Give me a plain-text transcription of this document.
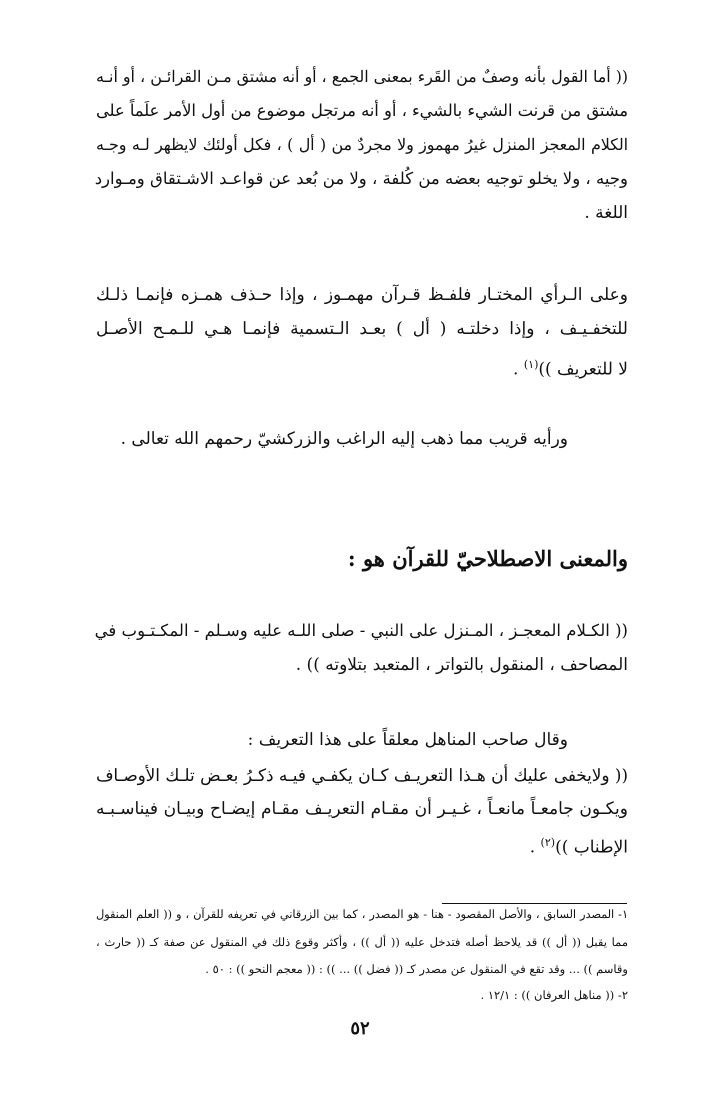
(( أما القول بأنه وصفٌ من القَرء بمعنى الجمع ، أو أنه مشتق مـن القرائـن ، أو أنـه
مشتق من قرنت الشيء بالشيء ، أو أنه مرتجل موضوع من أول الأمر علَماً على
الكلام المعجز المنزل غيرُ مهموز ولا مجردٌ من ( أل ) ، فكل أولئك لايظهر لـه وجـه
وجيه ، ولا يخلو توجيه بعضه من كُلفة ، ولا من بُعد عن قواعـد الاشـتقاق ومـوارد
اللغة .
وعلى الـرأي المختـار فلفـظ قـرآن مهمـوز ، وإذا حـذف همـزه فإنمـا ذلـك
للتخفـيـف ، وإذا دخلتـه ( أل ) بعـد الـتسمية فإنمـا هـي للـمـح الأصـل
لا للتعريف ))$^{(١)}$ .
ورأيه قريب مما ذهب إليه الراغب والزركشيّ رحمهم الله تعالى .
والمعنى الاصطلاحيّ للقرآن هو :
(( الكـلام المعجـز ، المـنزل على النبي - صلى اللـه عليه وسـلم - المكـتـوب في
المصاحف ، المنقول بالتواتر ، المتعبد بتلاوته )) .
وقال صاحب المناهل معلقاً على هذا التعريف :
(( ولايخفى عليك أن هـذا التعريـف كـان يكفـي فيـه ذكـرُ بعـض تلـك الأوصـاف
ويكـون جامعـاً مانعـاً ، غـيـر أن مقـام التعريـف مقـام إيضـاح وبيـان فيناسـبـه
الإطناب ))$^{(٢)}$ .
١- المصدر السابق ، والأصل المقصود - هنا - هو المصدر ، كما بين الزرقاني في تعريفه للقرآن ، و (( العلم المنقول
مما يقبل (( أل )) قد يلاحظ أصله فتدخل عليه (( أل )) ، وأكثر وقوع ذلك في المنقول عن صفة كـ (( حارث ،
وقاسم )) ... وقد تقع في المنقول عن مصدر كـ (( فضل )) ... )) : (( معجم النحو )) : ٥٠ .
٢- (( مناهل العرفان )) : ١٢/١ .
٥٢
